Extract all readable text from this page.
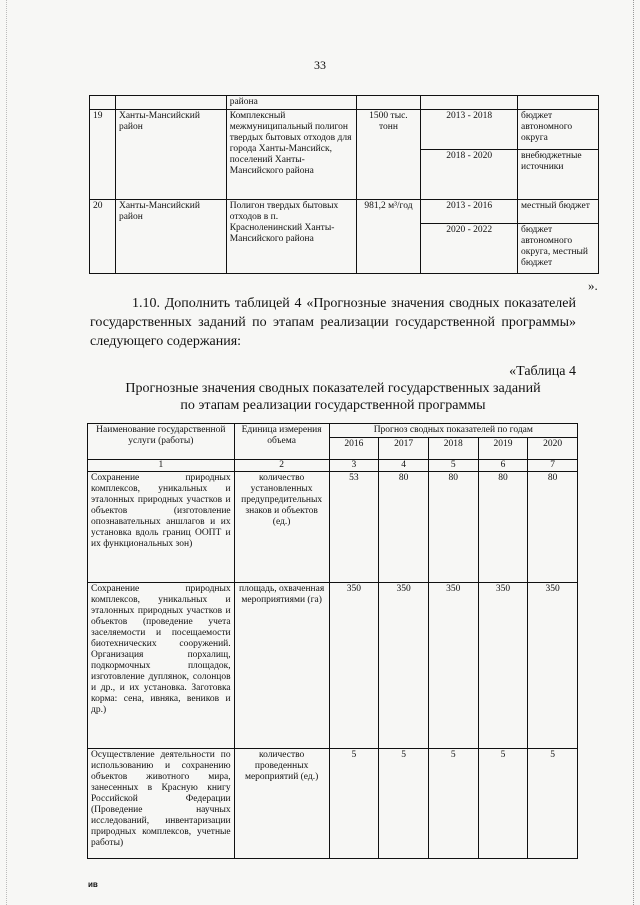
33
		района			
19	Ханты-Мансийский район	Комплексный межмуниципальный полигон твердых бытовых отходов для города Ханты-Мансийск, поселений Ханты-Мансийского района	1500 тыс. тонн	2013 - 2018	бюджет автономного округа
				2018 - 2020	внебюджетные источники
20	Ханты-Мансийский район	Полигон твердых бытовых отходов в п. Красноленинский Ханты-Мансийского района	981,2 м³/год	2013 - 2016	местный бюджет
				2020 - 2022	бюджет автономного округа, местный бюджет
».

1.10. Дополнить таблицей 4 «Прогнозные значения сводных показателей государственных заданий по этапам реализации государственной программы» следующего содержания:

«Таблица 4
Прогнозные значения сводных показателей государственных заданий
по этапам реализации государственной программы
Наименование государственной услуги (работы)	Единица измерения объема	Прогноз сводных показателей по годам				
		2016	2017	2018	2019	2020
1	2	3	4	5	6	7
Сохранение природных комплексов, уникальных и эталонных природных участков и объектов (изготовление опознавательных аншлагов и их установка вдоль границ ООПТ и их функциональных зон)	количество установленных предупредительных знаков и объектов (ед.)	53	80	80	80	80
Сохранение природных комплексов, уникальных и эталонных природных участков и объектов (проведение учета заселяемости и посещаемости биотехнических сооружений. Организация порхалищ, подкормочных площадок, изготовление дуплянок, солонцов и др., и их установка. Заготовка корма: сена, ивняка, веников и др.)	площадь, охваченная мероприятиями (га)	350	350	350	350	350
Осуществление деятельности по использованию и сохранению объектов животного мира, занесенных в Красную книгу Российской Федерации (Проведение научных исследований, инвентаризации природных комплексов, учетные работы)	количество проведенных мероприятий (ед.)	5	5	5	5	5
ив
